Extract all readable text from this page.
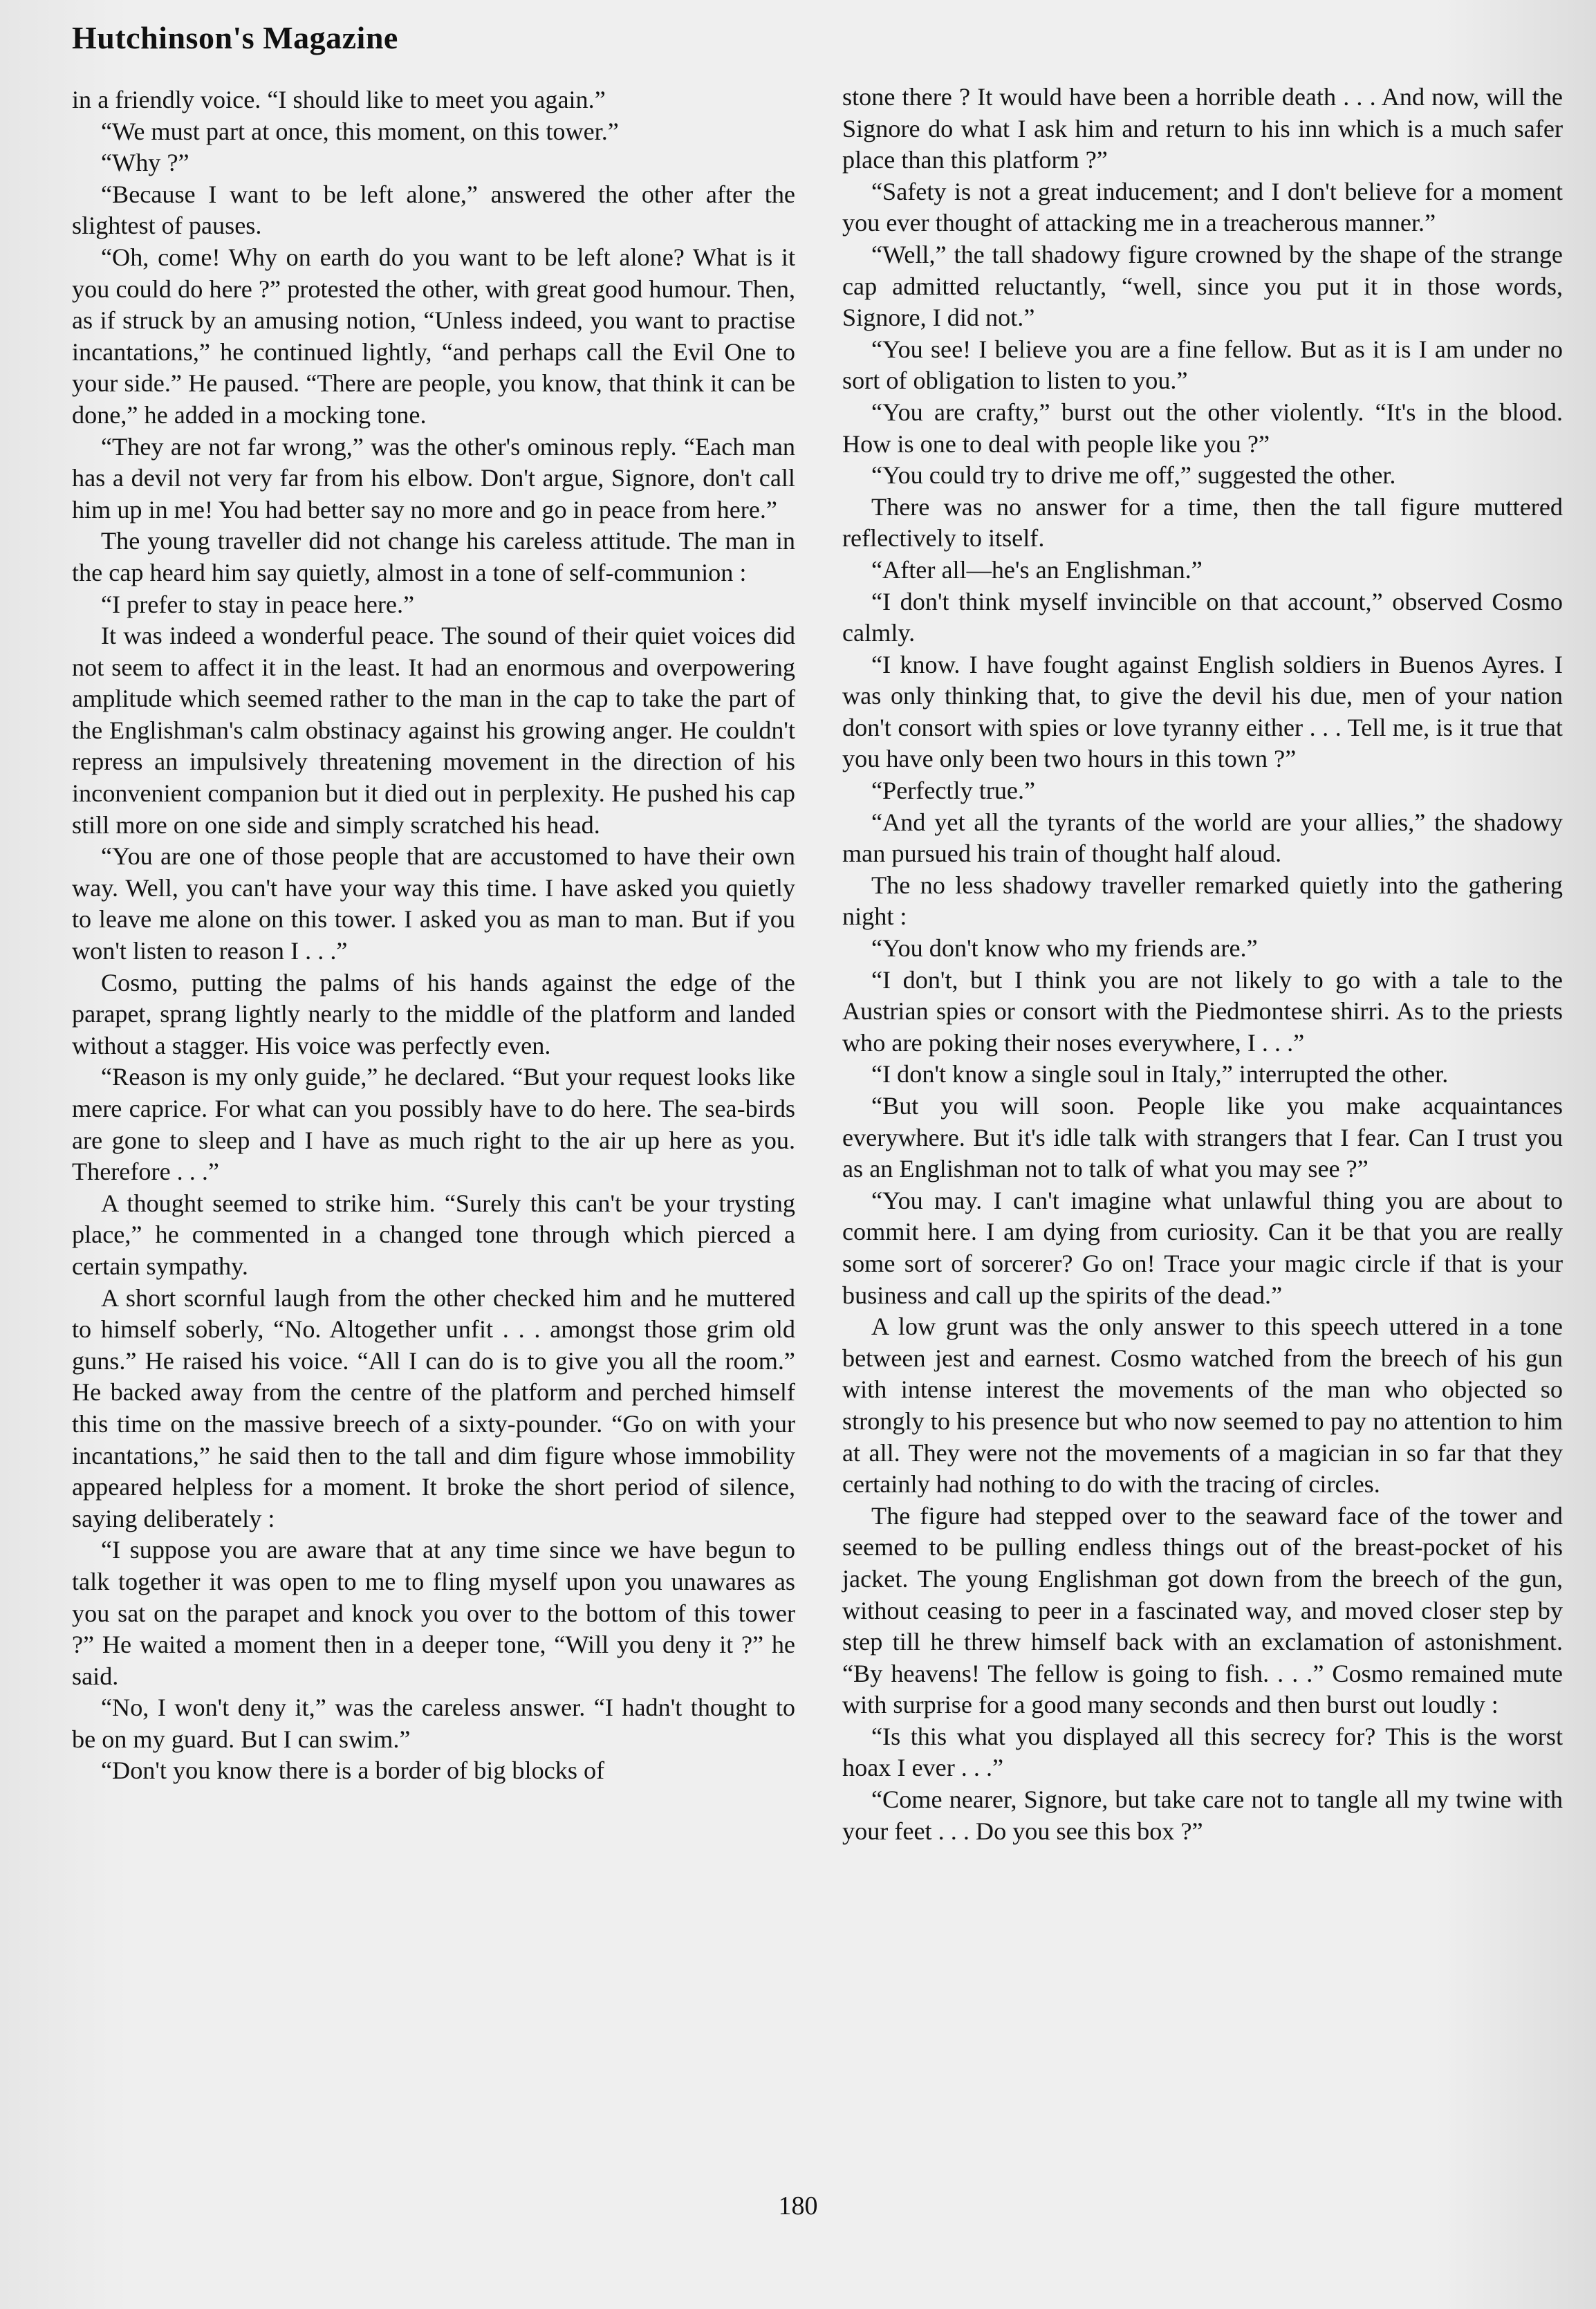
Hutchinson's Magazine

in a friendly voice. “I should like to meet you again.”

“We must part at once, this moment, on this tower.”

“Why ?”

“Because I want to be left alone,” answered the other after the slightest of pauses.

“Oh, come! Why on earth do you want to be left alone? What is it you could do here ?” protested the other, with great good humour. Then, as if struck by an amusing notion, “Unless indeed, you want to practise incantations,” he continued lightly, “and perhaps call the Evil One to your side.” He paused. “There are people, you know, that think it can be done,” he added in a mocking tone.

“They are not far wrong,” was the other's ominous reply. “Each man has a devil not very far from his elbow. Don't argue, Signore, don't call him up in me! You had better say no more and go in peace from here.”

The young traveller did not change his careless attitude. The man in the cap heard him say quietly, almost in a tone of self-communion :

“I prefer to stay in peace here.”

It was indeed a wonderful peace. The sound of their quiet voices did not seem to affect it in the least. It had an enormous and overpowering amplitude which seemed rather to the man in the cap to take the part of the Englishman's calm obstinacy against his growing anger. He couldn't repress an impulsively threatening movement in the direction of his inconvenient companion but it died out in perplexity. He pushed his cap still more on one side and simply scratched his head.

“You are one of those people that are accustomed to have their own way. Well, you can't have your way this time. I have asked you quietly to leave me alone on this tower. I asked you as man to man. But if you won't listen to reason I . . .”

Cosmo, putting the palms of his hands against the edge of the parapet, sprang lightly nearly to the middle of the platform and landed without a stagger. His voice was perfectly even.

“Reason is my only guide,” he declared. “But your request looks like mere caprice. For what can you possibly have to do here. The sea-birds are gone to sleep and I have as much right to the air up here as you. Therefore . . .”

A thought seemed to strike him. “Surely this can't be your trysting place,” he commented in a changed tone through which pierced a certain sympathy.

A short scornful laugh from the other checked him and he muttered to himself soberly, “No. Altogether unfit . . . amongst those grim old guns.” He raised his voice. “All I can do is to give you all the room.” He backed away from the centre of the platform and perched himself this time on the massive breech of a sixty-pounder. “Go on with your incantations,” he said then to the tall and dim figure whose immobility appeared helpless for a moment. It broke the short period of silence, saying deliberately :

“I suppose you are aware that at any time since we have begun to talk together it was open to me to fling myself upon you unawares as you sat on the parapet and knock you over to the bottom of this tower ?” He waited a moment then in a deeper tone, “Will you deny it ?” he said.

“No, I won't deny it,” was the careless answer. “I hadn't thought to be on my guard. But I can swim.”

“Don't you know there is a border of big blocks of

stone there ? It would have been a horrible death . . . And now, will the Signore do what I ask him and return to his inn which is a much safer place than this platform ?”

“Safety is not a great inducement; and I don't believe for a moment you ever thought of attacking me in a treacherous manner.”

“Well,” the tall shadowy figure crowned by the shape of the strange cap admitted reluctantly, “well, since you put it in those words, Signore, I did not.”

“You see! I believe you are a fine fellow. But as it is I am under no sort of obligation to listen to you.”

“You are crafty,” burst out the other violently. “It's in the blood. How is one to deal with people like you ?”

“You could try to drive me off,” suggested the other.

There was no answer for a time, then the tall figure muttered reflectively to itself.

“After all—he's an Englishman.”

“I don't think myself invincible on that account,” observed Cosmo calmly.

“I know. I have fought against English soldiers in Buenos Ayres. I was only thinking that, to give the devil his due, men of your nation don't consort with spies or love tyranny either . . . Tell me, is it true that you have only been two hours in this town ?”

“Perfectly true.”

“And yet all the tyrants of the world are your allies,” the shadowy man pursued his train of thought half aloud.

The no less shadowy traveller remarked quietly into the gathering night :

“You don't know who my friends are.”

“I don't, but I think you are not likely to go with a tale to the Austrian spies or consort with the Piedmontese shirri. As to the priests who are poking their noses everywhere, I . . .”

“I don't know a single soul in Italy,” interrupted the other.

“But you will soon. People like you make acquaintances everywhere. But it's idle talk with strangers that I fear. Can I trust you as an Englishman not to talk of what you may see ?”

“You may. I can't imagine what unlawful thing you are about to commit here. I am dying from curiosity. Can it be that you are really some sort of sorcerer? Go on! Trace your magic circle if that is your business and call up the spirits of the dead.”

A low grunt was the only answer to this speech uttered in a tone between jest and earnest. Cosmo watched from the breech of his gun with intense interest the movements of the man who objected so strongly to his presence but who now seemed to pay no attention to him at all. They were not the movements of a magician in so far that they certainly had nothing to do with the tracing of circles.

The figure had stepped over to the seaward face of the tower and seemed to be pulling endless things out of the breast-pocket of his jacket. The young Englishman got down from the breech of the gun, without ceasing to peer in a fascinated way, and moved closer step by step till he threw himself back with an exclamation of astonishment. “By heavens! The fellow is going to fish. . . .” Cosmo remained mute with surprise for a good many seconds and then burst out loudly :

“Is this what you displayed all this secrecy for? This is the worst hoax I ever . . .”

“Come nearer, Signore, but take care not to tangle all my twine with your feet . . . Do you see this box ?”

180
